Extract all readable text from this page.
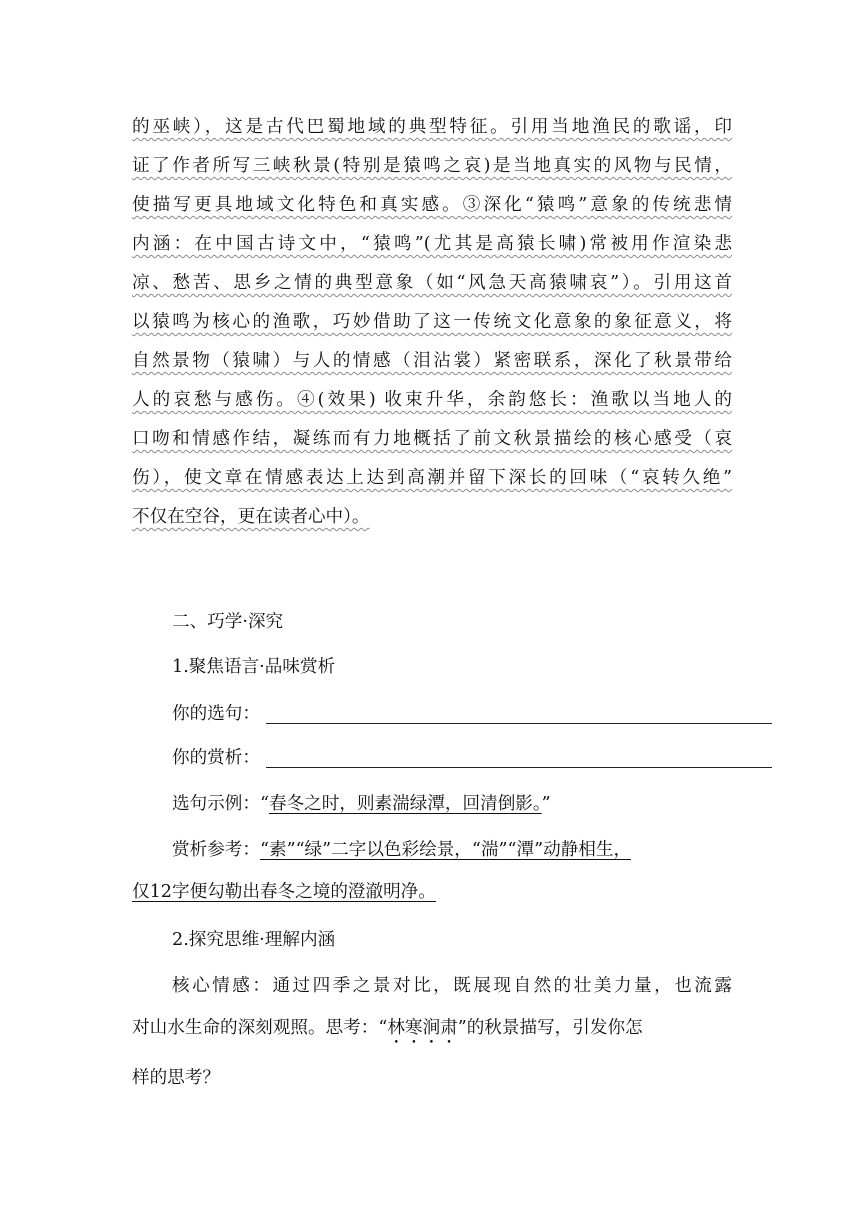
的巫峡），这是古代巴蜀地域的典型特征。引用当地渔民的歌谣，印
证了作者所写三峡秋景(特别是猿鸣之哀)是当地真实的风物与民情，
使描写更具地域文化特色和真实感。③深化“猿鸣”意象的传统悲情
内涵：在中国古诗文中，“猿鸣”(尤其是高猿长啸)常被用作渲染悲
凉、愁苦、思乡之情的典型意象（如“风急天高猿啸哀”）。引用这首
以猿鸣为核心的渔歌，巧妙借助了这一传统文化意象的象征意义，将
自然景物（猿啸）与人的情感（泪沾裳）紧密联系，深化了秋景带给
人的哀愁与感伤。④(效果) 收束升华，余韵悠长：渔歌以当地人的
口吻和情感作结，凝练而有力地概括了前文秋景描绘的核心感受（哀
伤），使文章在情感表达上达到高潮并留下深长的回味（“哀转久绝”
不仅在空谷，更在读者心中）。
二、巧学·深究
1.聚焦语言·品味赏析
你的选句：
你的赏析：
选句示例：“春冬之时，则素湍绿潭，回清倒影。”
赏析参考：“素”“绿”二字以色彩绘景，“湍”“潭”动静相生，
仅12字便勾勒出春冬之境的澄澈明净。
2.探究思维·理解内涵
核心情感：通过四季之景对比，既展现自然的壮美力量，也流露
对山水生命的深刻观照。思考：“林寒涧肃”的秋景描写，引发你怎
样的思考？
